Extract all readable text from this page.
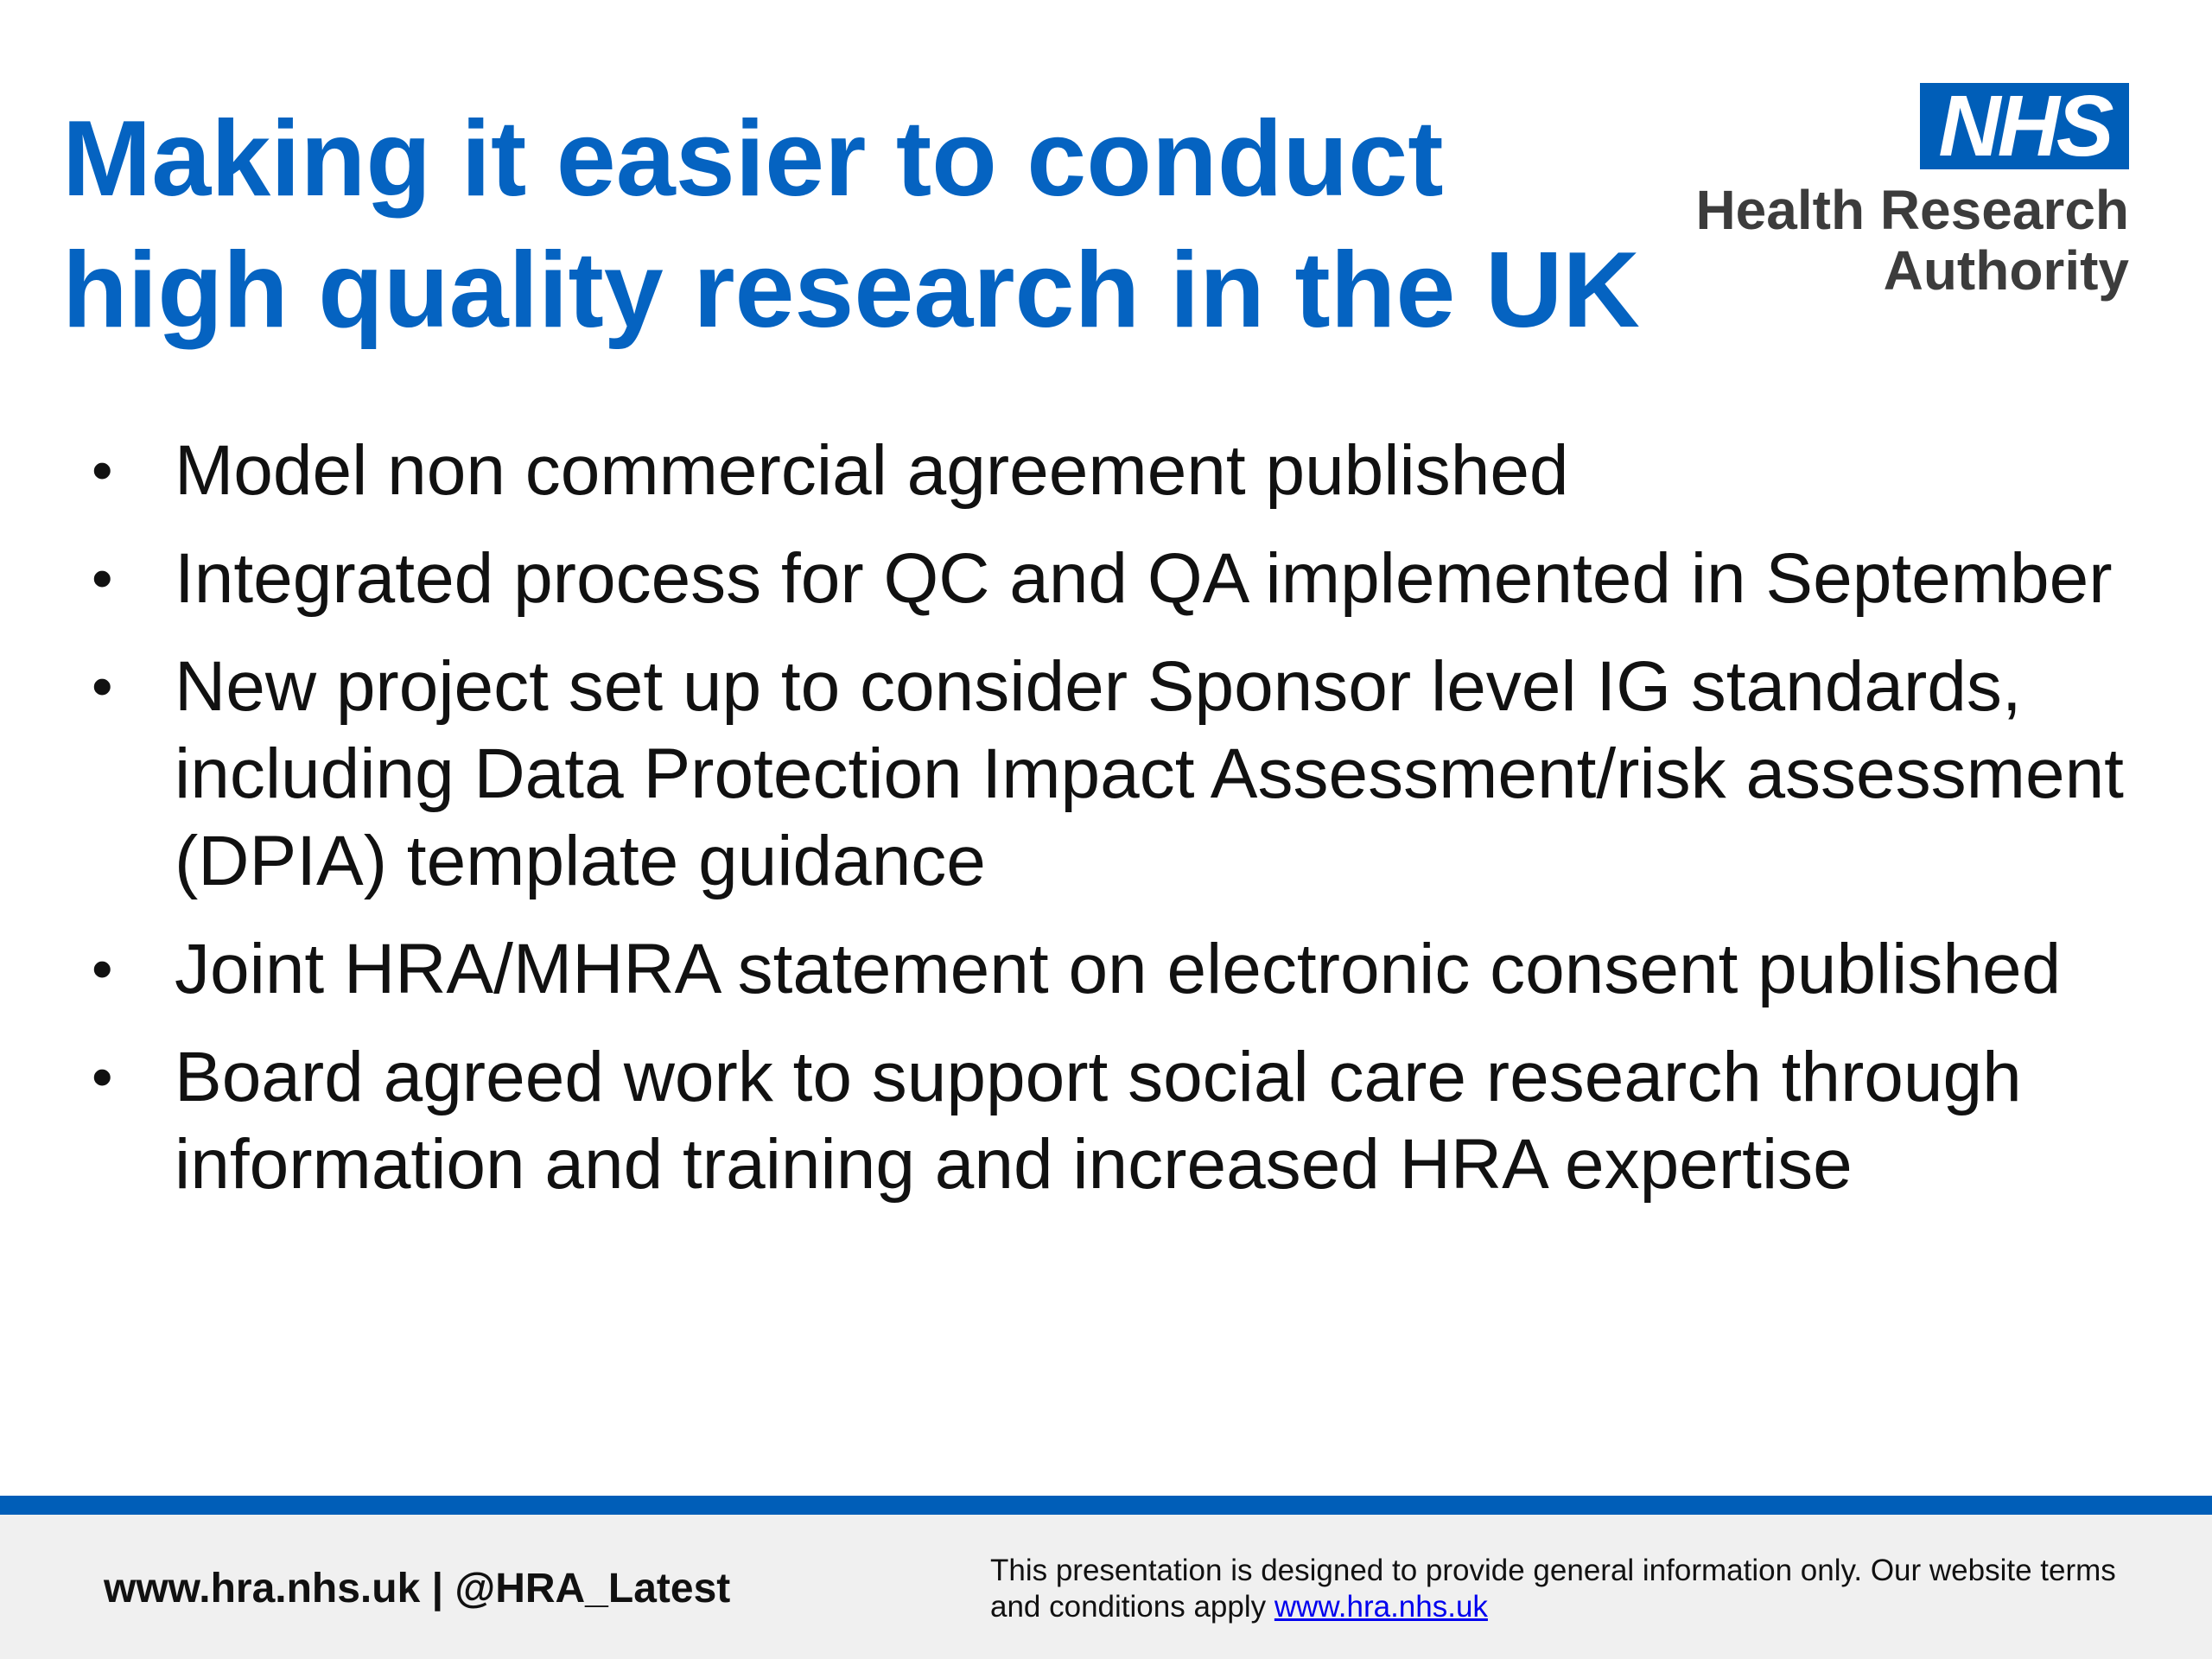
Making it easier to conduct
high quality research in the UK
NHS
Health Research
Authority
• Model non commercial agreement published
• Integrated process for QC and QA implemented in September
• New project set up to consider Sponsor level IG standards, including Data Protection Impact Assessment/risk assessment (DPIA) template guidance
• Joint HRA/MHRA statement on electronic consent published
• Board agreed work to support social care research through information and training and increased HRA expertise
www.hra.nhs.uk | @HRA_Latest	This presentation is designed to provide general information only. Our website terms
and conditions apply www.hra.nhs.uk
